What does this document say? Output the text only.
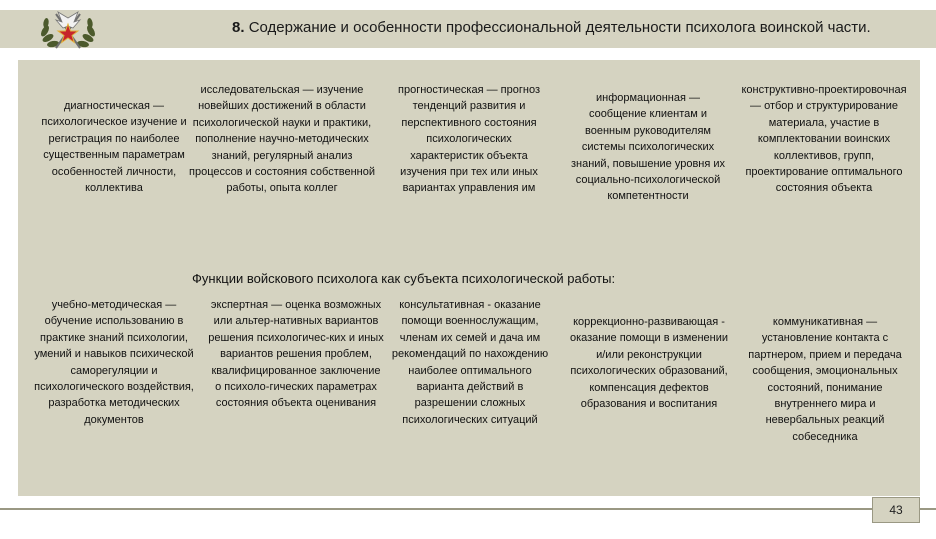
8. Содержание и особенности профессиональной деятельности психолога воинской части.
диагностическая — психологическое изучение и регистрация по наиболее существенным параметрам особенностей личности, коллектива
исследовательская — изучение новейших достижений в области психологической науки и практики, пополнение научно-методических знаний, регулярный анализ процессов и состояния собственной работы, опыта коллег
прогностическая — прогноз тенденций развития и перспективного состояния психологических характеристик объекта изучения при тех или иных вариантах управления им
информационная — сообщение клиентам и военным руководителям системы психологических знаний, повышение уровня их социально-психологической компетентности
конструктивно-проектировочная — отбор и структурирование материала, участие в комплектовании воинских коллективов, групп, проектирование оптимального состояния объекта
Функции войскового психолога как субъекта психологической работы:
учебно-методическая — обучение использованию в практике знаний психологии, умений и навыков психической саморегуляции и психологического воздействия, разработка методических документов
экспертная — оценка возможных или альтер-нативных вариантов решения психологичес-ких и иных вариантов решения проблем, квалифицированное заключение о психоло-гических параметрах состояния объекта оценивания
консультативная - оказание помощи военнослужащим, членам их семей и дача им рекомендаций по нахождению наиболее оптимального варианта действий в разрешении сложных психологических ситуаций
коррекционно-развивающая - оказание помощи в изменении и/или реконструкции психологических образований, компенсация дефектов образования и воспитания
коммуникативная — установление контакта с партнером, прием и передача сообщения, эмоциональных состояний, понимание внутреннего мира и невербальных реакций собеседника
43
